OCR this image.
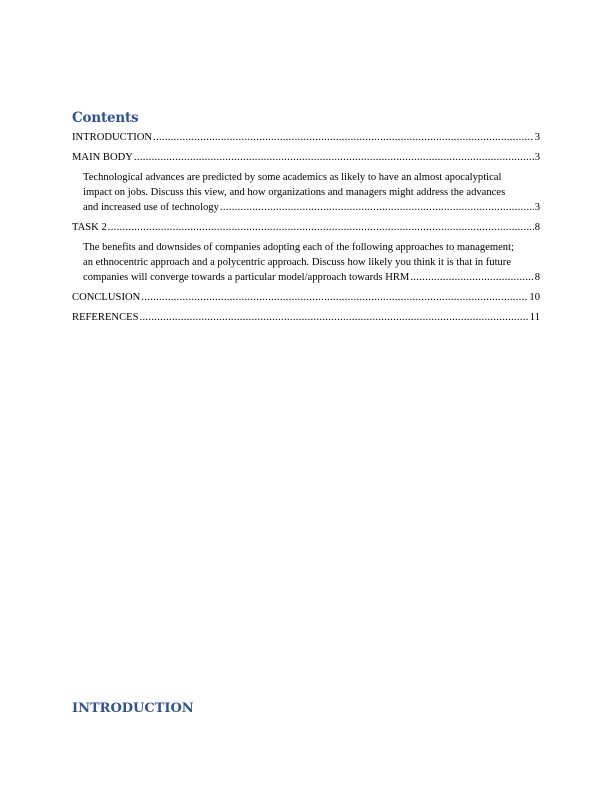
Contents
INTRODUCTION .....	3
MAIN BODY .....	3
Technological advances are predicted by some academics as likely to have an almost apocalyptical
impact on jobs. Discuss this view, and how organizations and managers might address the advances
and increased use of technology .....	3
TASK 2 .....	8
The benefits and downsides of companies adopting each of the following approaches to management;
an ethnocentric approach and a polycentric approach. Discuss how likely you think it is that in future
companies will converge towards a particular model/approach towards HRM .....	8
CONCLUSION .....	10
REFERENCES .....	11
INTRODUCTION
